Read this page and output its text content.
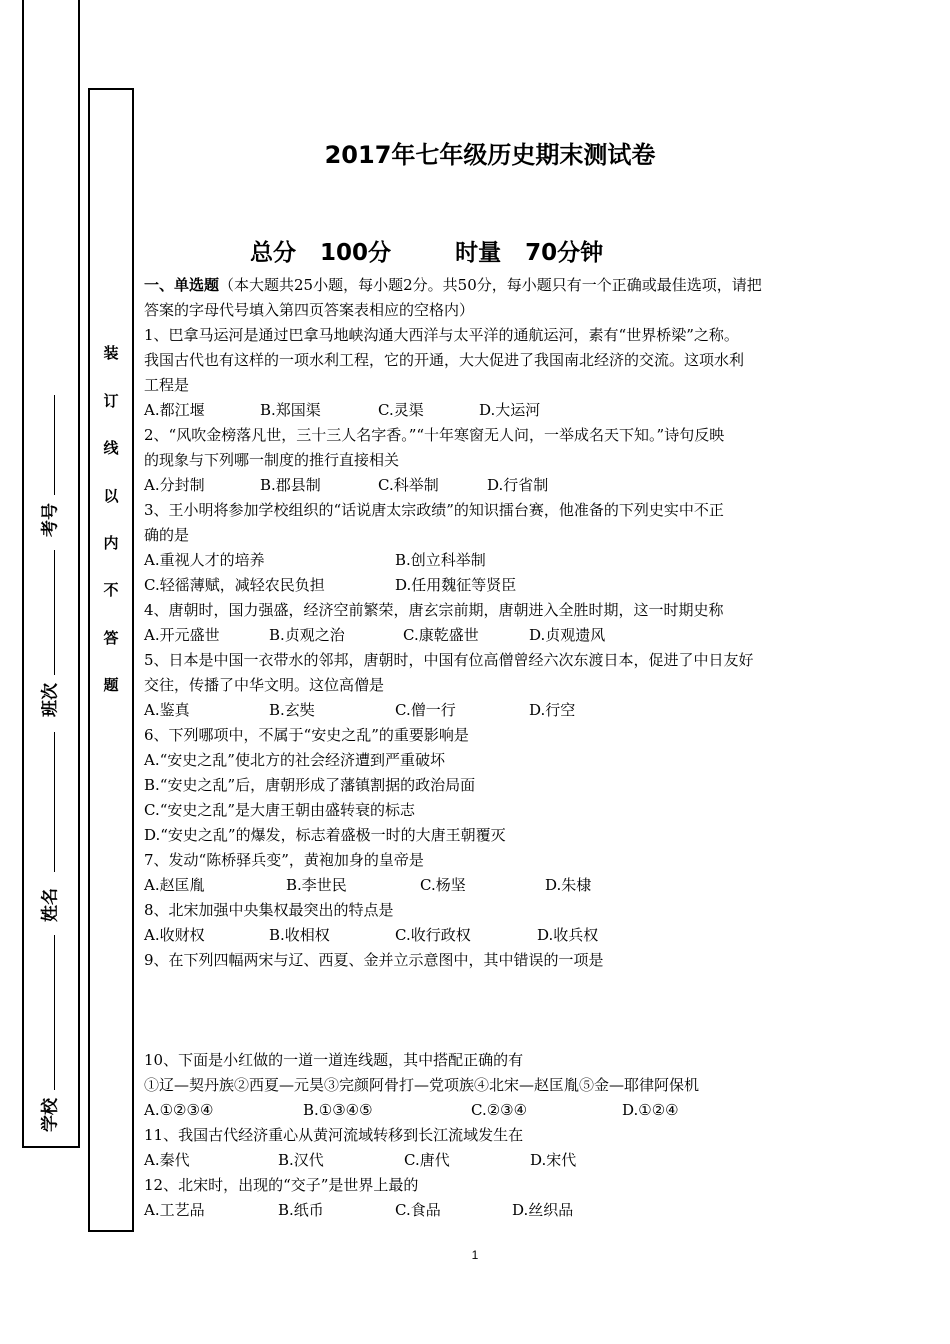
装
订
线
以
内
不
答
题
考号
班次
姓名
学校
2017年七年级历史期末测试卷
总分   100分        时量   70分钟
一、单选题（本大题共25小题，每小题2分。共50分，每小题只有一个正确或最佳选项，请把
答案的字母代号填入第四页答案表相应的空格内）
1、巴拿马运河是通过巴拿马地峡沟通大西洋与太平洋的通航运河，素有“世界桥梁”之称。
我国古代也有这样的一项水利工程，它的开通，大大促进了我国南北经济的交流。这项水利
工程是
A.都江堰	B.郑国渠	C.灵渠	D.大运河
2、“风吹金榜落凡世，三十三人名字香。”“十年寒窗无人问，一举成名天下知。”诗句反映
的现象与下列哪一制度的推行直接相关
A.分封制	B.郡县制	C.科举制	D.行省制
3、王小明将参加学校组织的“话说唐太宗政绩”的知识擂台赛，他准备的下列史实中不正
确的是
A.重视人才的培养	B.创立科举制
C.轻徭薄赋，减轻农民负担	D.任用魏征等贤臣
4、唐朝时，国力强盛，经济空前繁荣，唐玄宗前期，唐朝进入全胜时期，这一时期史称
A.开元盛世	B.贞观之治	C.康乾盛世	D.贞观遗风
5、日本是中国一衣带水的邻邦，唐朝时，中国有位高僧曾经六次东渡日本，促进了中日友好
交往，传播了中华文明。这位高僧是
A.鉴真	B.玄奘	C.僧一行	D.行空
6、下列哪项中，不属于“安史之乱”的重要影响是
A.“安史之乱”使北方的社会经济遭到严重破坏
B.“安史之乱”后，唐朝形成了藩镇割据的政治局面
C.“安史之乱”是大唐王朝由盛转衰的标志
D.“安史之乱”的爆发，标志着盛极一时的大唐王朝覆灭
7、发动“陈桥驿兵变”，黄袍加身的皇帝是
A.赵匡胤	B.李世民	C.杨坚	D.朱棣
8、北宋加强中央集权最突出的特点是
A.收财权	B.收相权	C.收行政权	D.收兵权
9、在下列四幅两宋与辽、西夏、金并立示意图中，其中错误的一项是
10、下面是小红做的一道一道连线题，其中搭配正确的有
①辽—契丹族②西夏—元昊③完颜阿骨打—党项族④北宋—赵匡胤⑤金—耶律阿保机
A.①②③④	B.①③④⑤	C.②③④	D.①②④
11、我国古代经济重心从黄河流域转移到长江流域发生在
A.秦代	B.汉代	C.唐代	D.宋代
12、北宋时，出现的“交子”是世界上最的
A.工艺品	B.纸币	C.食品	D.丝织品
1
